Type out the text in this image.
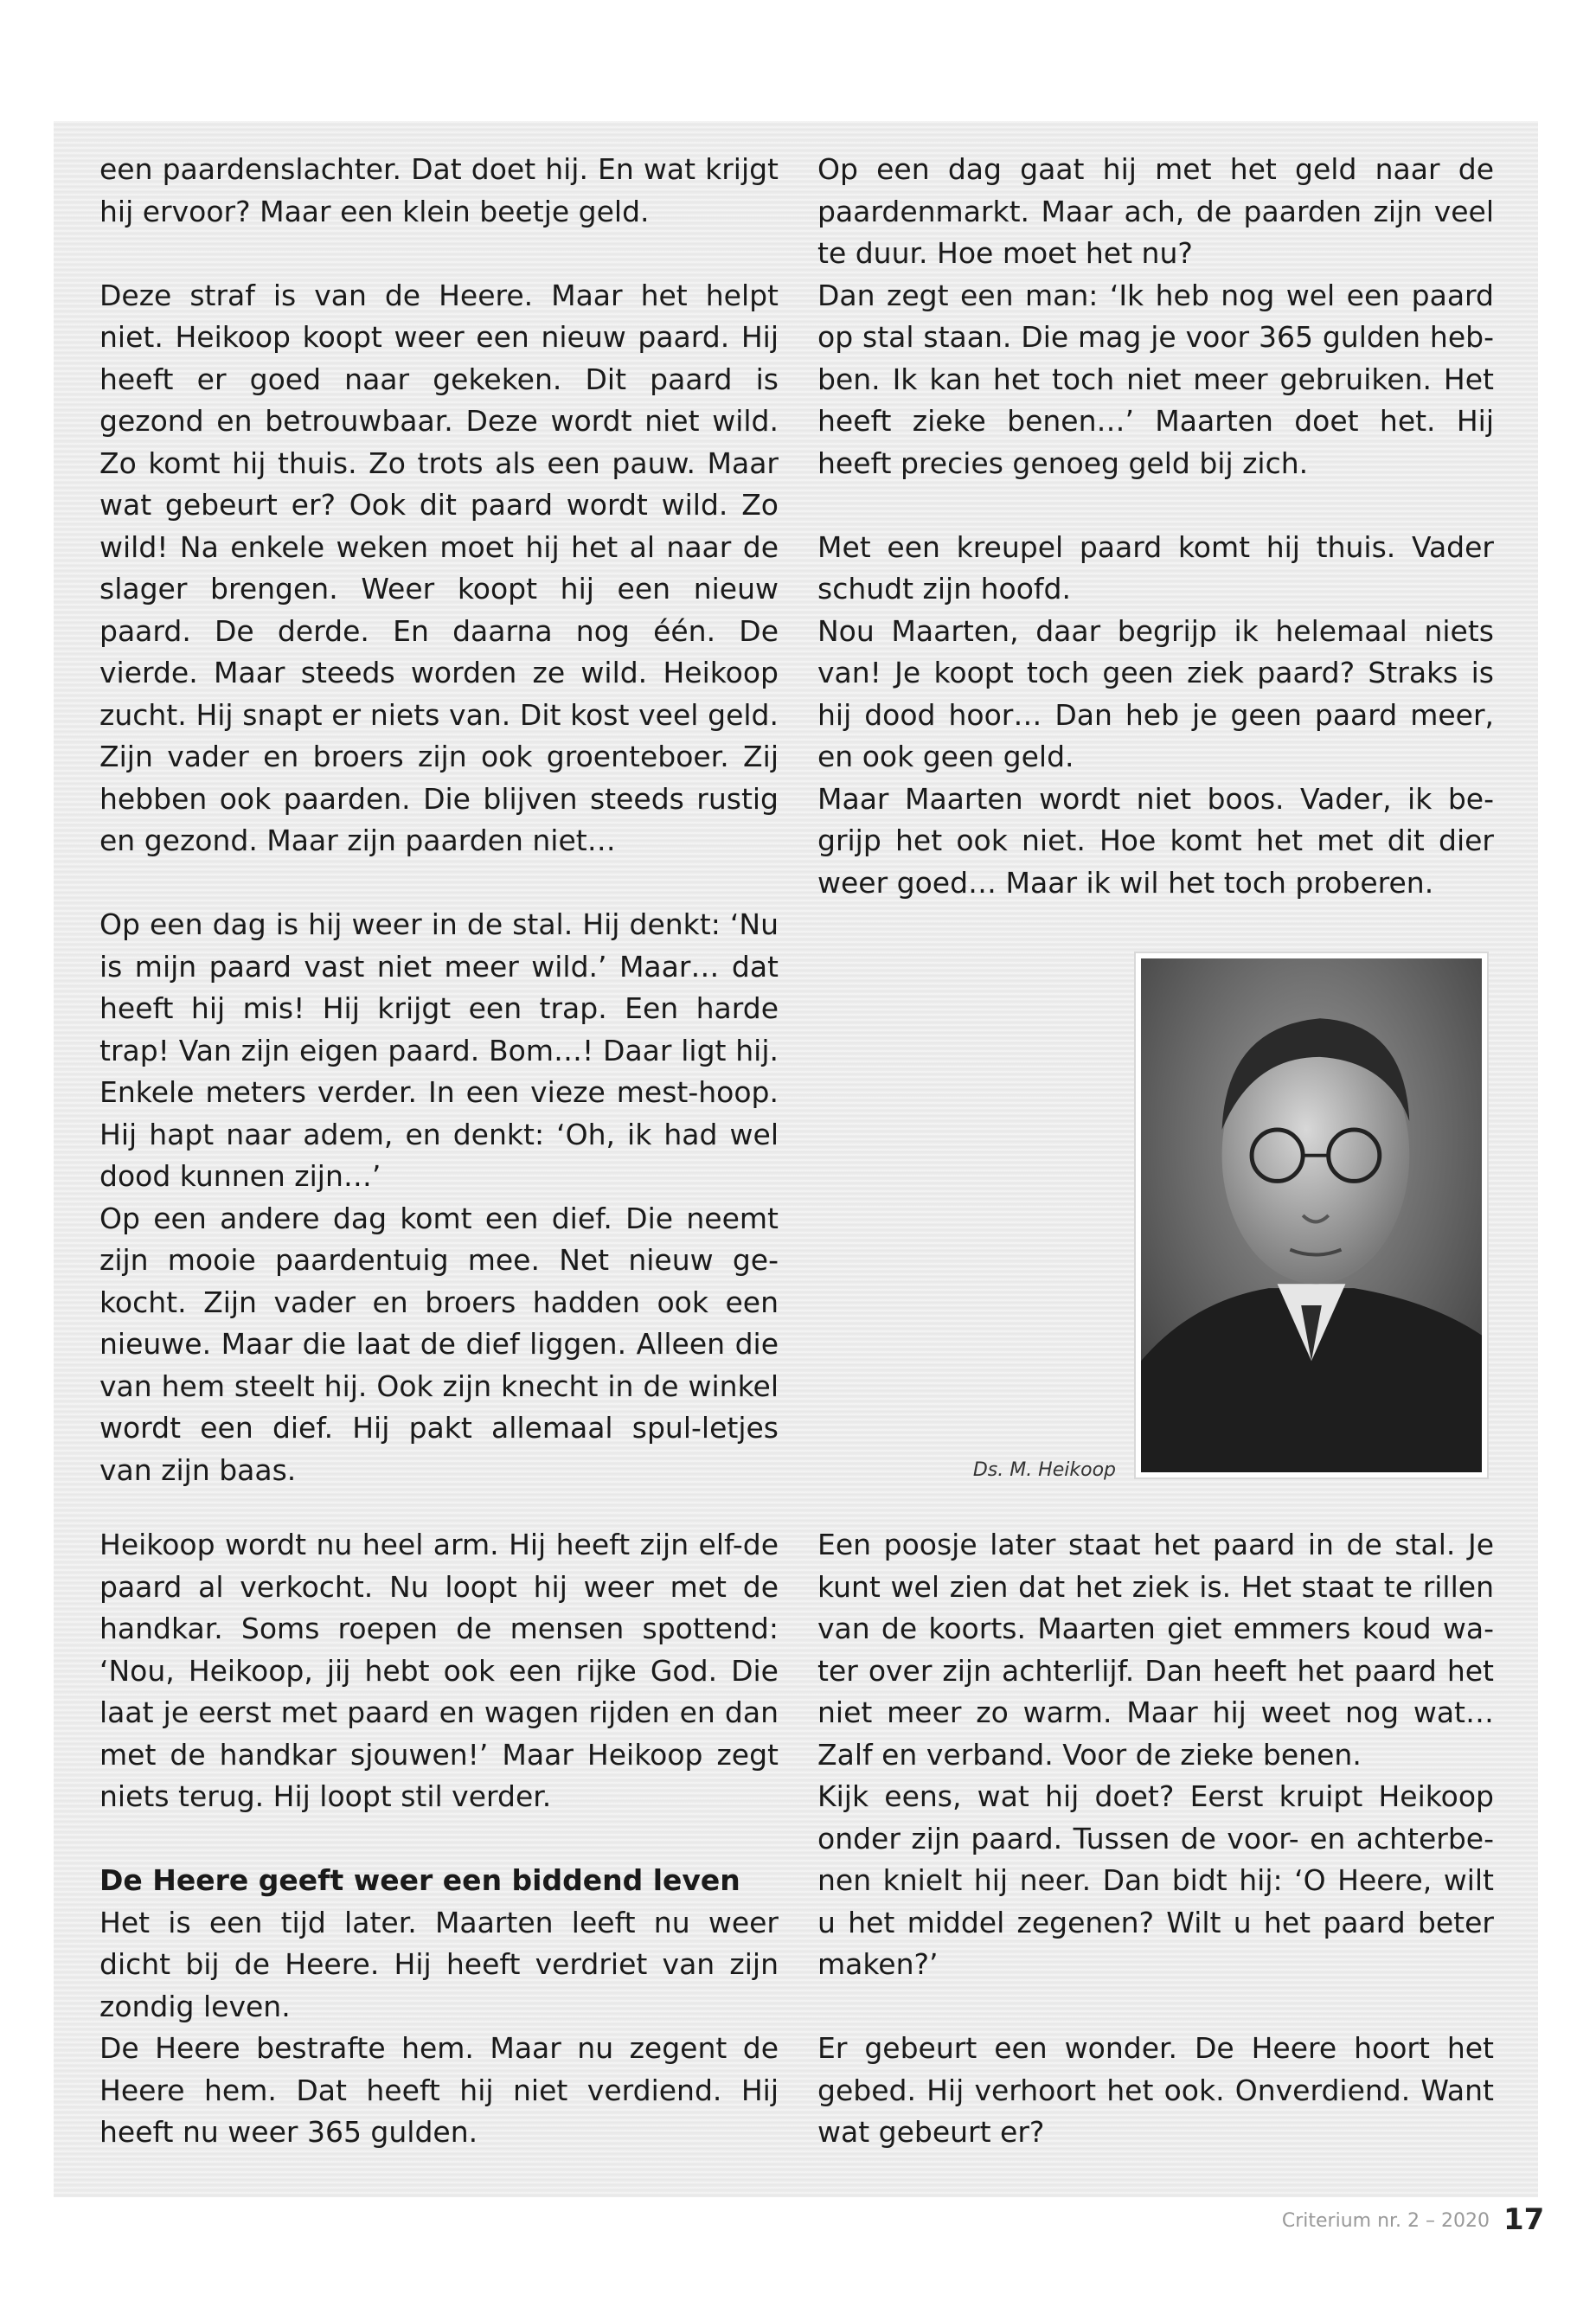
een paardenslachter. Dat doet hij. En wat krijgt hij ervoor? Maar een klein beetje geld.

Deze straf is van de Heere. Maar het helpt niet. Heikoop koopt weer een nieuw paard. Hij heeft er goed naar gekeken. Dit paard is gezond en betrouwbaar. Deze wordt niet wild. Zo komt hij thuis. Zo trots als een pauw. Maar wat gebeurt er? Ook dit paard wordt wild. Zo wild! Na enkele weken moet hij het al naar de slager brengen. Weer koopt hij een nieuw paard. De derde. En daarna nog één. De vierde. Maar steeds worden ze wild. Heikoop zucht. Hij snapt er niets van. Dit kost veel geld. Zijn vader en broers zijn ook groenteboer. Zij hebben ook paarden. Die blijven steeds rustig en gezond. Maar zijn paarden niet…

Op een dag is hij weer in de stal. Hij denkt: ‘Nu is mijn paard vast niet meer wild.’ Maar… dat heeft hij mis! Hij krijgt een trap. Een harde trap! Van zijn eigen paard. Bom…! Daar ligt hij. Enkele meters verder. In een vieze mest-hoop. Hij hapt naar adem, en denkt: ‘Oh, ik had wel dood kunnen zijn…’

Op een andere dag komt een dief. Die neemt zijn mooie paardentuig mee. Net nieuw ge-kocht. Zijn vader en broers hadden ook een nieuwe. Maar die laat de dief liggen. Alleen die van hem steelt hij. Ook zijn knecht in de winkel wordt een dief. Hij pakt allemaal spul-letjes van zijn baas.

Heikoop wordt nu heel arm. Hij heeft zijn elf-de paard al verkocht. Nu loopt hij weer met de handkar. Soms roepen de mensen spottend: ‘Nou, Heikoop, jij hebt ook een rijke God. Die laat je eerst met paard en wagen rijden en dan met de handkar sjouwen!’ Maar Heikoop zegt niets terug. Hij loopt stil verder.

De Heere geeft weer een biddend leven

Het is een tijd later. Maarten leeft nu weer dicht bij de Heere. Hij heeft verdriet van zijn zondig leven.

De Heere bestrafte hem. Maar nu zegent de Heere hem. Dat heeft hij niet verdiend. Hij heeft nu weer 365 gulden.

Op een dag gaat hij met het geld naar de paardenmarkt. Maar ach, de paarden zijn veel te duur. Hoe moet het nu?

Dan zegt een man: ‘Ik heb nog wel een paard op stal staan. Die mag je voor 365 gulden heb-ben. Ik kan het toch niet meer gebruiken. Het heeft zieke benen…’ Maarten doet het. Hij heeft precies genoeg geld bij zich.

Met een kreupel paard komt hij thuis. Vader schudt zijn hoofd.

Nou Maarten, daar begrijp ik helemaal niets van! Je koopt toch geen ziek paard? Straks is hij dood hoor… Dan heb je geen paard meer, en ook geen geld.

Maar Maarten wordt niet boos. Vader, ik be-grijp het ook niet. Hoe komt het met dit dier weer goed… Maar ik wil het toch proberen.

Een poosje later staat het paard in de stal. Je kunt wel zien dat het ziek is. Het staat te rillen van de koorts. Maarten giet emmers koud wa-ter over zijn achterlijf. Dan heeft het paard het niet meer zo warm. Maar hij weet nog wat… Zalf en verband. Voor de zieke benen.

Kijk eens, wat hij doet? Eerst kruipt Heikoop onder zijn paard. Tussen de voor- en achterbe-nen knielt hij neer. Dan bidt hij: ‘O Heere, wilt u het middel zegenen? Wilt u het paard beter maken?’

Er gebeurt een wonder. De Heere hoort het gebed. Hij verhoort het ook. Onverdiend. Want wat gebeurt er?

Ds. M. Heikoop
Criterium nr. 2 – 2020 17
